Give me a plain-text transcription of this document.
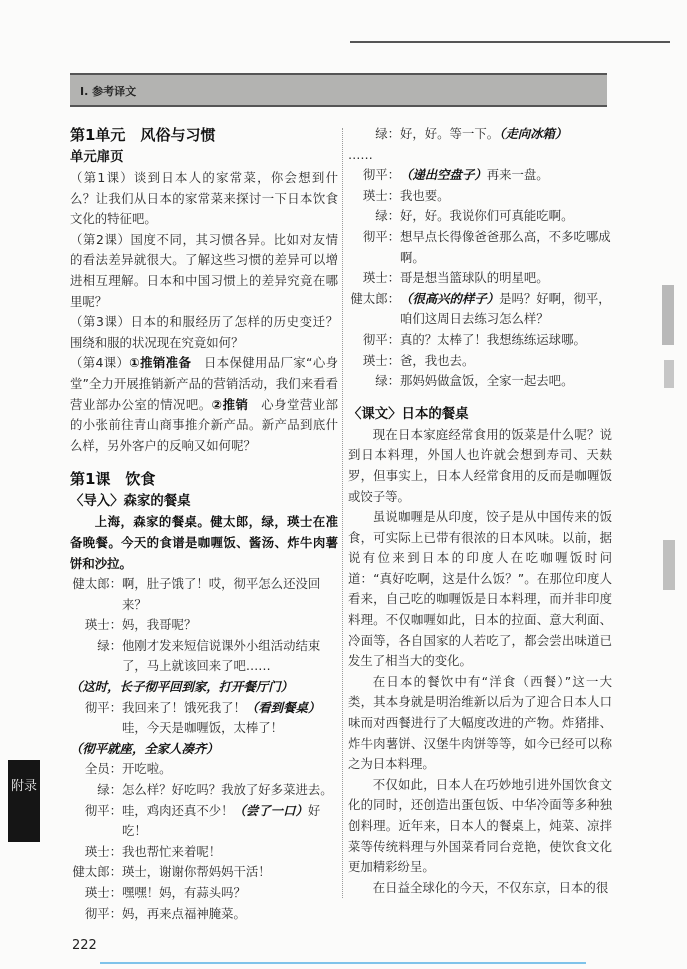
Ⅰ. 参考译文
第1单元　风俗与习惯
单元扉页
（第1课）谈到日本人的家常菜，你会想到什么？让我们从日本的家常菜来探讨一下日本饮食文化的特征吧。
（第2课）国度不同，其习惯各异。比如对友情的看法差异就很大。了解这些习惯的差异可以增进相互理解。日本和中国习惯上的差异究竟在哪里呢？
（第3课）日本的和服经历了怎样的历史变迁？围绕和服的状况现在究竟如何？
（第4课）①推销准备　日本保健用品厂家“心身堂”全力开展推销新产品的营销活动，我们来看看营业部办公室的情况吧。②推销　心身堂营业部的小张前往青山商事推介新产品。新产品到底什么样，另外客户的反响又如何呢？
第1课　饮食
〈导入〉森家的餐桌
上海，森家的餐桌。健太郎，绿，瑛士在准备晚餐。今天的食谱是咖喱饭、酱汤、炸牛肉薯饼和沙拉。
健太郎： 啊，肚子饿了！哎，彻平怎么还没回来？
瑛士： 妈，我哥呢？
绿： 他刚才发来短信说课外小组活动结束了，马上就该回来了吧……
（这时，长子彻平回到家，打开餐厅门）
彻平： 我回来了！饿死我了！（看到餐桌）哇，今天是咖喱饭，太棒了！
（彻平就座，全家人凑齐）
全员： 开吃啦。
绿： 怎么样？好吃吗？我放了好多菜进去。
彻平： 哇，鸡肉还真不少！（尝了一口）好吃！
瑛士： 我也帮忙来着呢！
健太郎： 瑛士，谢谢你帮妈妈干活！
瑛士： 嘿嘿！妈，有蒜头吗？
彻平： 妈，再来点福神腌菜。
绿： 好，好。等一下。（走向冰箱）
……
彻平： （递出空盘子）再来一盘。
瑛士： 我也要。
绿： 好，好。我说你们可真能吃啊。
彻平： 想早点长得像爸爸那么高，不多吃哪成啊。
瑛士： 哥是想当篮球队的明星吧。
健太郎： （很高兴的样子）是吗？好啊，彻平，咱们这周日去练习怎么样？
彻平： 真的？太棒了！我想练练运球哪。
瑛士： 爸，我也去。
绿： 那妈妈做盒饭，全家一起去吧。
〈课文〉日本的餐桌
现在日本家庭经常食用的饭菜是什么呢？说到日本料理，外国人也许就会想到寿司、天麸罗，但事实上，日本人经常食用的反而是咖喱饭或饺子等。
虽说咖喱是从印度，饺子是从中国传来的饭食，可实际上已带有很浓的日本风味。以前，据说有位来到日本的印度人在吃咖喱饭时问道：“真好吃啊，这是什么饭？”。在那位印度人看来，自己吃的咖喱饭是日本料理，而并非印度料理。不仅咖喱如此，日本的拉面、意大利面、冷面等，各自国家的人若吃了，都会尝出味道已发生了相当大的变化。
在日本的餐饮中有“洋食（西餐）”这一大类，其本身就是明治维新以后为了迎合日本人口味而对西餐进行了大幅度改进的产物。炸猪排、炸牛肉薯饼、汉堡牛肉饼等等，如今已经可以称之为日本料理。
不仅如此，日本人在巧妙地引进外国饮食文化的同时，还创造出蛋包饭、中华冷面等多种独创料理。近年来，日本人的餐桌上，炖菜、凉拌菜等传统料理与外国菜肴同台竞艳，使饮食文化更加精彩纷呈。
在日益全球化的今天，不仅东京，日本的很
附录
222
